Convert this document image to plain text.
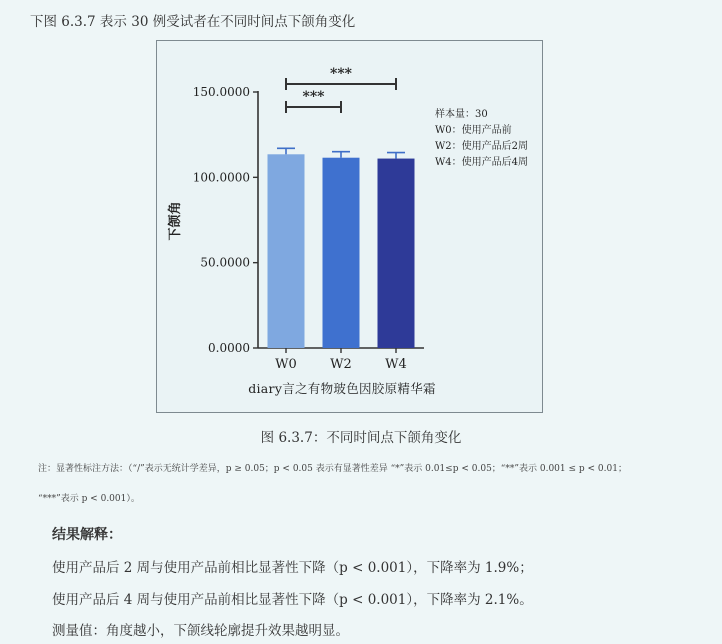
下图 6.3.7 表示 30 例受试者在不同时间点下颌角变化
0.0000
50.0000
100.0000
150.0000
下颌角
W0	W2	W4
diary言之有物玻色因胶原精华霜
***
***
样本量：30
W0：使用产品前
W2：使用产品后2周
W4：使用产品后4周
图 6.3.7：不同时间点下颌角变化
注：显著性标注方法：（“/”表示无统计学差异，p ≥ 0.05；p < 0.05 表示有显著性差异 “*”表示 0.01≤p < 0.05；“**”表示 0.001 ≤ p < 0.01；
“***”表示 p < 0.001）。
结果解释：
使用产品后 2 周与使用产品前相比显著性下降（p < 0.001），下降率为 1.9%；
使用产品后 4 周与使用产品前相比显著性下降（p < 0.001），下降率为 2.1%。
测量值：角度越小，下颌线轮廓提升效果越明显。
